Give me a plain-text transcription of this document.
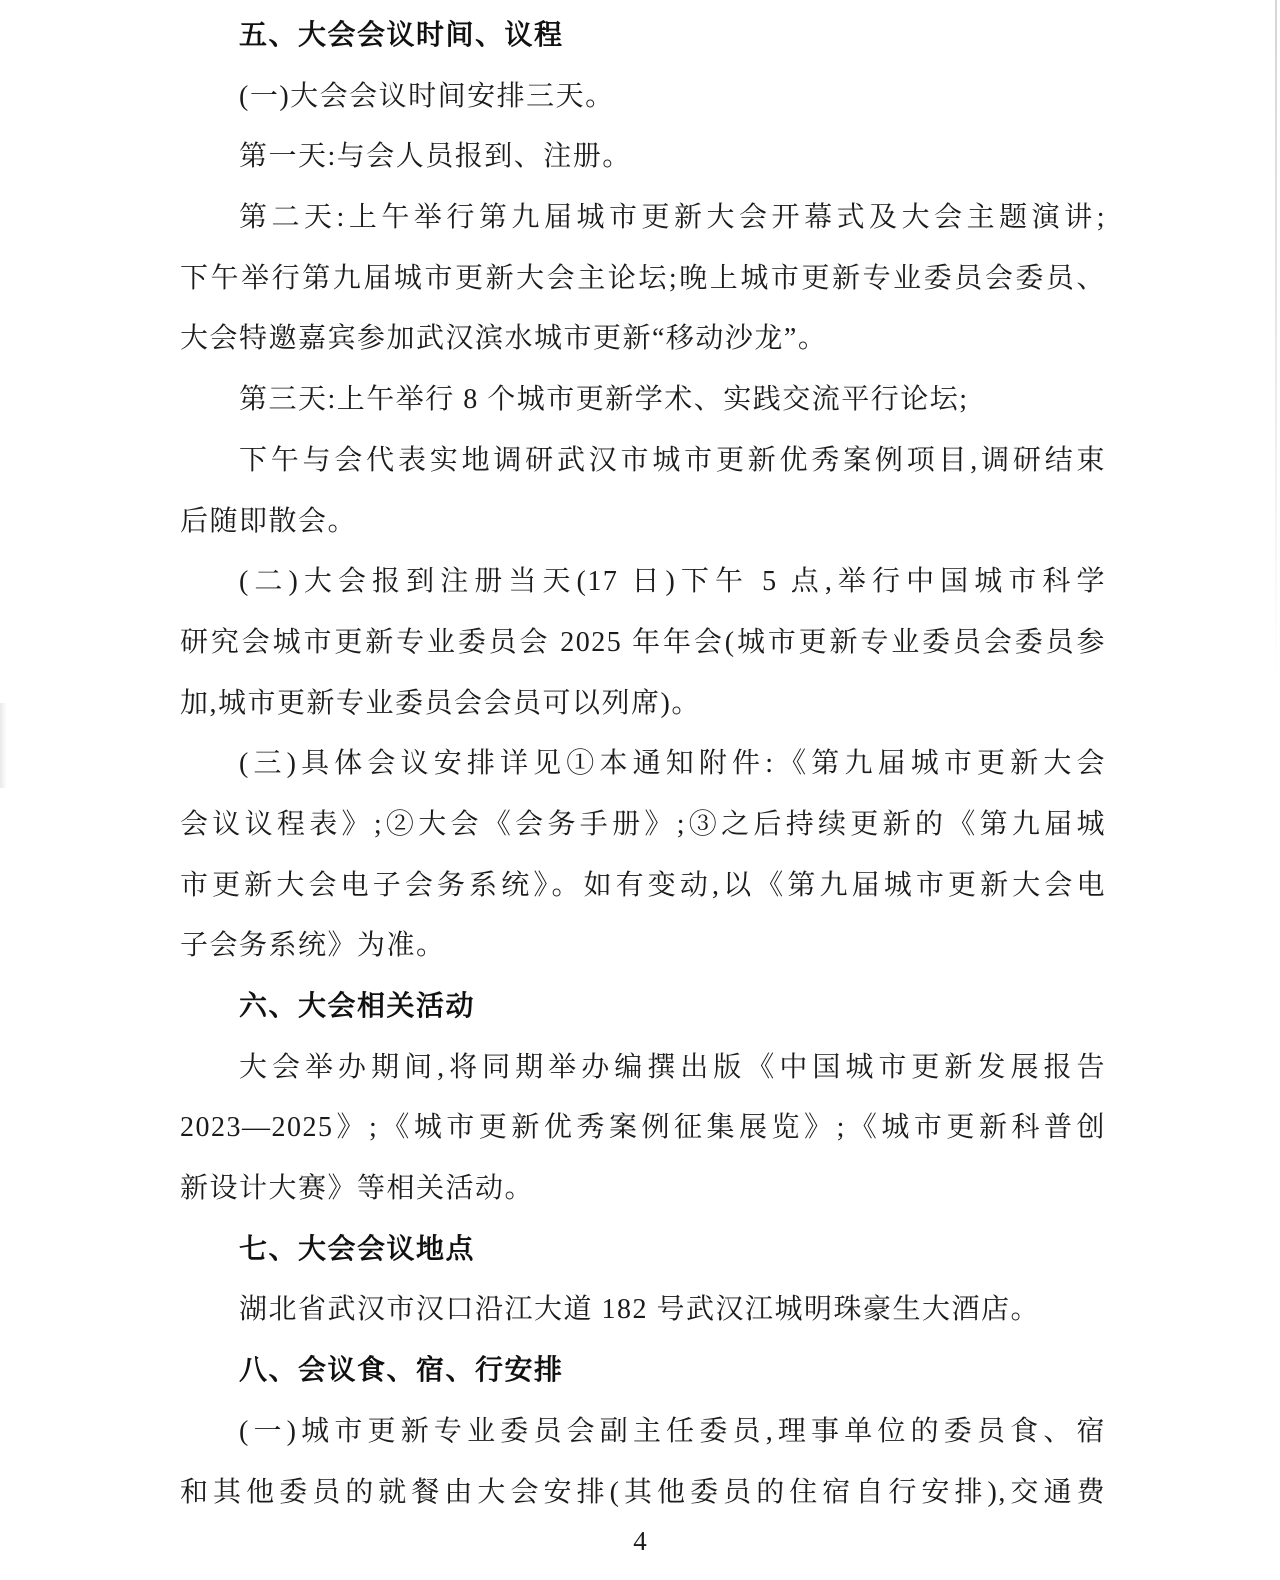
五、大会会议时间、议程
(一)大会会议时间安排三天。
第一天:与会人员报到、注册。
第二天:上午举行第九届城市更新大会开幕式及大会主题演讲;
下午举行第九届城市更新大会主论坛;晚上城市更新专业委员会委员、
大会特邀嘉宾参加武汉滨水城市更新“移动沙龙”。
第三天:上午举行 8 个城市更新学术、实践交流平行论坛;
下午与会代表实地调研武汉市城市更新优秀案例项目,调研结束
后随即散会。
(二)大会报到注册当天(17 日)下午 5 点,举行中国城市科学
研究会城市更新专业委员会 2025 年年会(城市更新专业委员会委员参
加,城市更新专业委员会会员可以列席)。
(三)具体会议安排详见①本通知附件:《第九届城市更新大会
会议议程表》;②大会《会务手册》;③之后持续更新的《第九届城
市更新大会电子会务系统》。如有变动,以《第九届城市更新大会电
子会务系统》为准。
六、大会相关活动
大会举办期间,将同期举办编撰出版《中国城市更新发展报告
2023—2025》;《城市更新优秀案例征集展览》;《城市更新科普创
新设计大赛》等相关活动。
七、大会会议地点
湖北省武汉市汉口沿江大道 182 号武汉江城明珠豪生大酒店。
八、会议食、宿、行安排
(一)城市更新专业委员会副主任委员,理事单位的委员食、宿
和其他委员的就餐由大会安排(其他委员的住宿自行安排),交通费
4
